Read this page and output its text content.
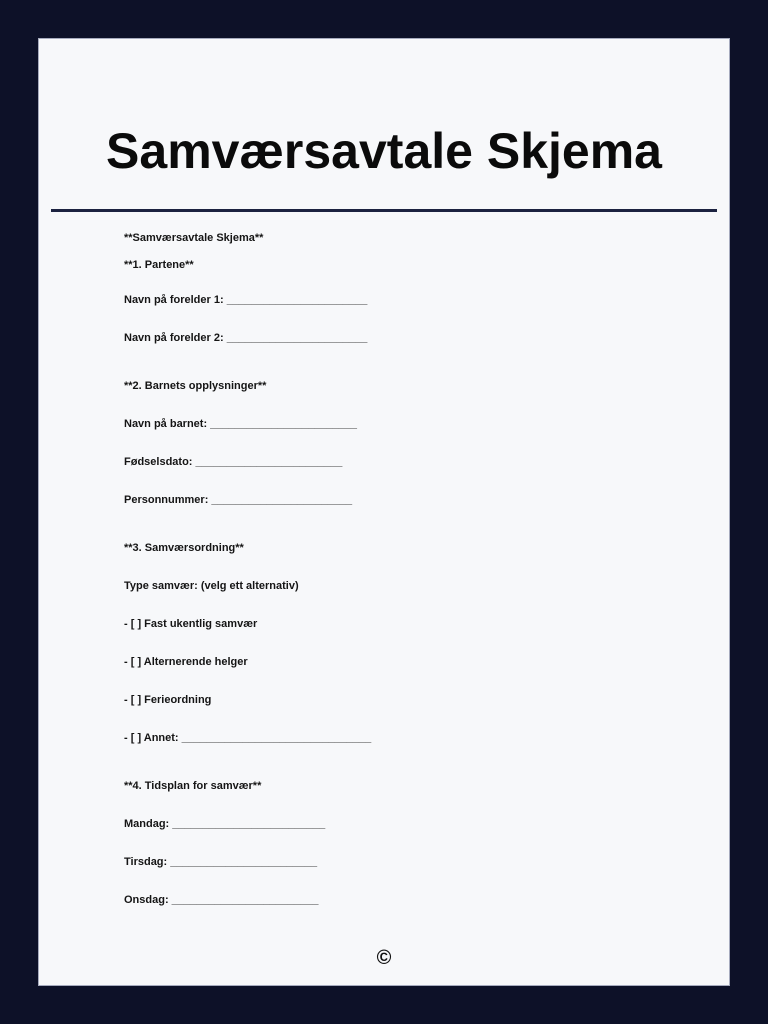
Samværsavtale Skjema

**Samværsavtale Skjema**

**1. Partene**

Navn på forelder 1: _______________________

Navn på forelder 2: _______________________

**2. Barnets opplysninger**

Navn på barnet: ________________________

Fødselsdato: ________________________

Personnummer: _______________________

**3. Samværsordning**

Type samvær: (velg ett alternativ)

- [ ] Fast ukentlig samvær

- [ ] Alternerende helger

- [ ] Ferieordning

- [ ] Annet: _______________________________

**4. Tidsplan for samvær**

Mandag: _________________________

Tirsdag: ________________________

Onsdag: ________________________

©
